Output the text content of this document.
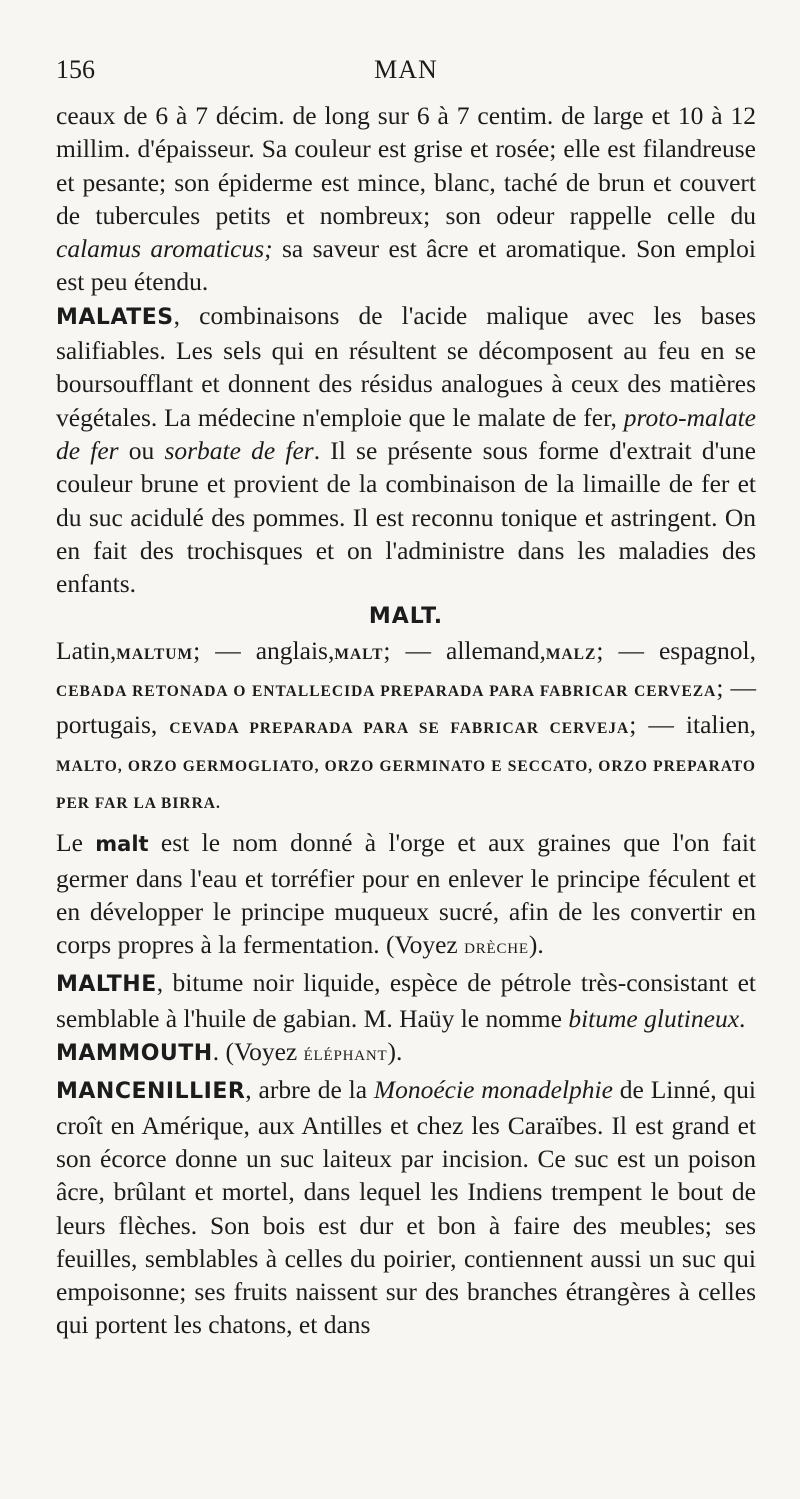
156	MAN

ceaux de 6 à 7 décim. de long sur 6 à 7 centim. de large et 10 à 12 millim. d'épaisseur. Sa couleur est grise et rosée; elle est filandreuse et pesante; son épiderme est mince, blanc, taché de brun et couvert de tubercules petits et nombreux; son odeur rappelle celle du calamus aromaticus; sa saveur est âcre et aromatique. Son emploi est peu étendu.

MALATES, combinaisons de l'acide malique avec les bases salifiables. Les sels qui en résultent se décomposent au feu en se boursoufflant et donnent des résidus analogues à ceux des matières végétales. La médecine n'emploie que le malate de fer, proto-malate de fer ou sorbate de fer. Il se présente sous forme d'extrait d'une couleur brune et provient de la combinaison de la limaille de fer et du suc acidulé des pommes. Il est reconnu tonique et astringent. On en fait des trochisques et on l'administre dans les maladies des enfants.

MALT.

Latin,MALTUM; — anglais,MALT; — allemand,MALZ; — espagnol, CEBADA RETONADA O ENTALLECIDA PREPARADA PARA FABRICAR CERVEZA; — portugais, CEVADA PREPARADA PARA SE FABRICAR CERVEJA; — italien, MALTO, ORZO GERMOGLIATO, ORZO GERMINATO E SECCATO, ORZO PREPARATO PER FAR LA BIRRA.

Le malt est le nom donné à l'orge et aux graines que l'on fait germer dans l'eau et torréfier pour en enlever le principe féculent et en développer le principe muqueux sucré, afin de les convertir en corps propres à la fermentation. (Voyez DRÈCHE).

MALTHE, bitume noir liquide, espèce de pétrole très-consistant et semblable à l'huile de gabian. M. Haüy le nomme bitume glutineux.

MAMMOUTH. (Voyez ÉLÉPHANT).

MANCENILLIER, arbre de la Monoécie monadelphie de Linné, qui croît en Amérique, aux Antilles et chez les Caraïbes. Il est grand et son écorce donne un suc laiteux par incision. Ce suc est un poison âcre, brûlant et mortel, dans lequel les Indiens trempent le bout de leurs flèches. Son bois est dur et bon à faire des meubles; ses feuilles, semblables à celles du poirier, contiennent aussi un suc qui empoisonne; ses fruits naissent sur des branches étrangères à celles qui portent les chatons, et dans
